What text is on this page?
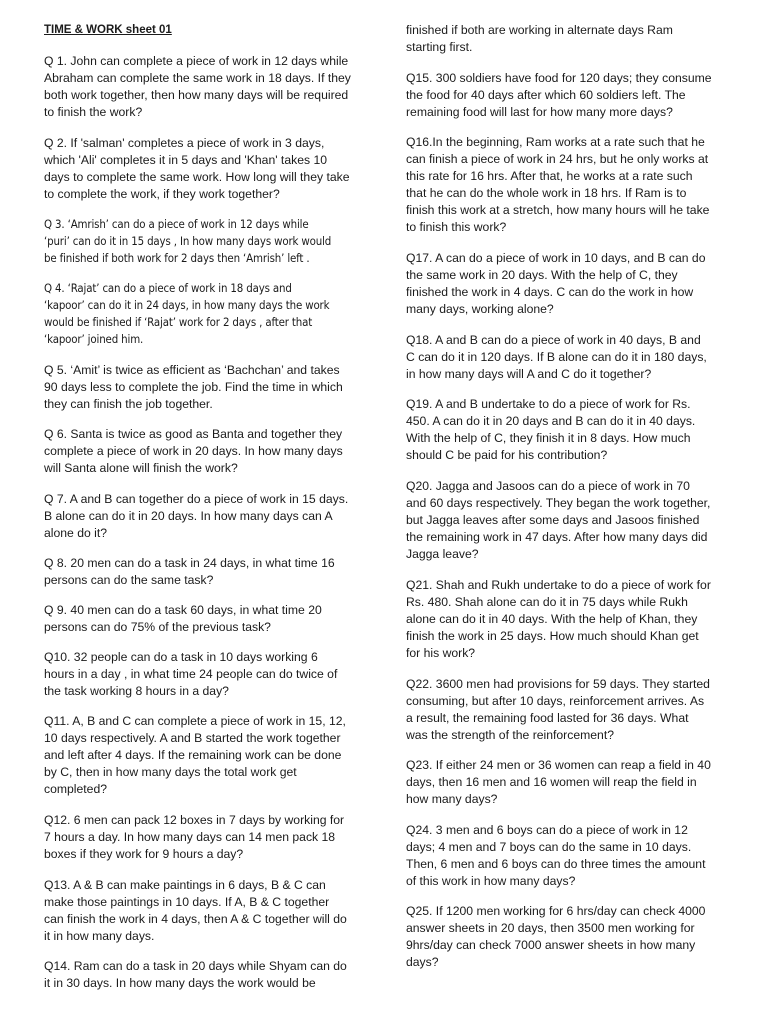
TIME & WORK sheet 01
Q 1. John can complete a piece of work in 12 days while
Abraham can complete the same work in 18 days. If they
both work together, then how many days will be required
to finish the work?
Q 2. If 'salman' completes a piece of work in 3 days,
which 'Ali' completes it in 5 days and 'Khan' takes 10
days to complete the same work. How long will they take
to complete the work, if they work together?
Q 3. ‘Amrish’ can do a piece of work in 12 days while
‘puri’ can do it in 15 days , In how many days work would
be finished if both work for 2 days then ‘Amrish’ left .
Q 4. ‘Rajat’ can do a piece of work in 18 days and
‘kapoor’ can do it in 24 days, in how many days the work
would be finished if ‘Rajat’ work for 2 days , after that
‘kapoor’ joined him.
Q 5. ‘Amit’ is twice as efficient as ‘Bachchan’ and takes
90 days less to complete the job. Find the time in which
they can finish the job together.
Q 6. Santa is twice as good as Banta and together they
complete a piece of work in 20 days. In how many days
will Santa alone will finish the work?
Q 7. A and B can together do a piece of work in 15 days.
B alone can do it in 20 days. In how many days can A
alone do it?
Q 8. 20 men can do a task in 24 days, in what time 16
persons can do the same task?
Q 9. 40 men can do a task 60 days, in what time 20
persons can do 75% of the previous task?
Q10. 32 people can do a task in 10 days working 6
hours in a day , in what time 24 people can do twice of
the task working 8 hours in a day?
Q11. A, B and C can complete a piece of work in 15, 12,
10 days respectively. A and B started the work together
and left after 4 days. If the remaining work can be done
by C, then in how many days the total work get
completed?
Q12. 6 men can pack 12 boxes in 7 days by working for
7 hours a day. In how many days can 14 men pack 18
boxes if they work for 9 hours a day?
Q13. A & B can make paintings in 6 days, B & C can
make those paintings in 10 days. If A, B & C together
can finish the work in 4 days, then A & C together will do
it in how many days.
Q14. Ram can do a task in 20 days while Shyam can do
it in 30 days. In how many days the work would be
finished if both are working in alternate days Ram
starting first.
Q15. 300 soldiers have food for 120 days; they consume
the food for 40 days after which 60 soldiers left. The
remaining food will last for how many more days?
Q16.In the beginning, Ram works at a rate such that he
can finish a piece of work in 24 hrs, but he only works at
this rate for 16 hrs. After that, he works at a rate such
that he can do the whole work in 18 hrs. If Ram is to
finish this work at a stretch, how many hours will he take
to finish this work?
Q17. A can do a piece of work in 10 days, and B can do
the same work in 20 days. With the help of C, they
finished the work in 4 days. C can do the work in how
many days, working alone?
Q18. A and B can do a piece of work in 40 days, B and
C can do it in 120 days. If B alone can do it in 180 days,
in how many days will A and C do it together?
Q19. A and B undertake to do a piece of work for Rs.
450. A can do it in 20 days and B can do it in 40 days.
With the help of C, they finish it in 8 days. How much
should C be paid for his contribution?
Q20. Jagga and Jasoos can do a piece of work in 70
and 60 days respectively. They began the work together,
but Jagga leaves after some days and Jasoos finished
the remaining work in 47 days. After how many days did
Jagga leave?
Q21. Shah and Rukh undertake to do a piece of work for
Rs. 480. Shah alone can do it in 75 days while Rukh
alone can do it in 40 days. With the help of Khan, they
finish the work in 25 days. How much should Khan get
for his work?
Q22. 3600 men had provisions for 59 days. They started
consuming, but after 10 days, reinforcement arrives. As
a result, the remaining food lasted for 36 days. What
was the strength of the reinforcement?
Q23. If either 24 men or 36 women can reap a field in 40
days, then 16 men and 16 women will reap the field in
how many days?
Q24. 3 men and 6 boys can do a piece of work in 12
days; 4 men and 7 boys can do the same in 10 days.
Then, 6 men and 6 boys can do three times the amount
of this work in how many days?
Q25. If 1200 men working for 6 hrs/day can check 4000
answer sheets in 20 days, then 3500 men working for
9hrs/day can check 7000 answer sheets in how many
days?
